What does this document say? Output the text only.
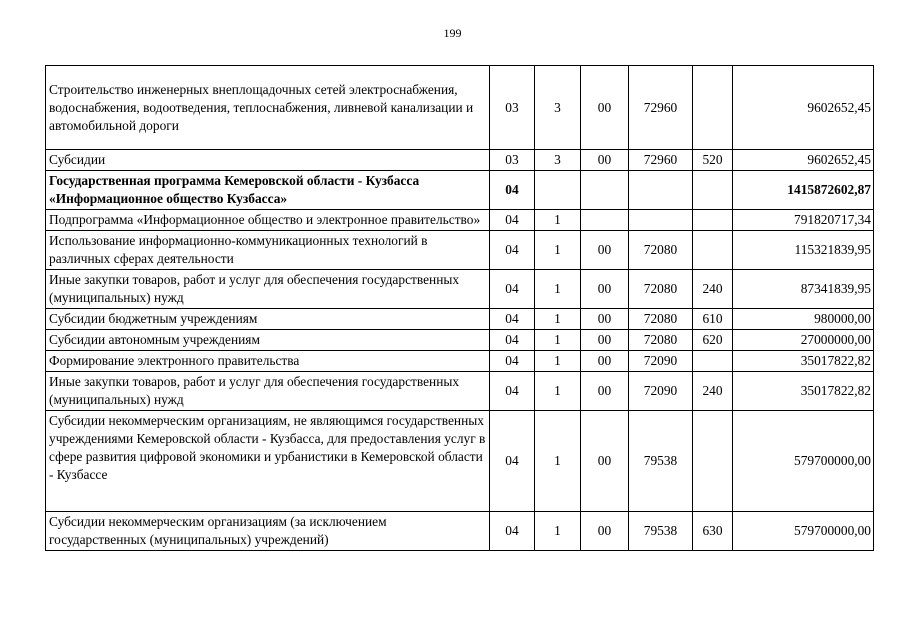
199
Строительство инженерных внеплощадочных сетей электроснабжения, водоснабжения, водоотведения, теплоснабжения, ливневой канализации и автомобильной дороги	03	3	00	72960		9602652,45
Субсидии	03	3	00	72960	520	9602652,45
Государственная программа Кемеровской области - Кузбасса «Информационное общество Кузбасса»	04					1415872602,87
Подпрограмма «Информационное общество и электронное правительство»	04	1				791820717,34
Использование информационно-коммуникационных технологий в различных сферах деятельности	04	1	00	72080		115321839,95
Иные закупки товаров, работ и услуг для обеспечения государственных (муниципальных) нужд	04	1	00	72080	240	87341839,95
Субсидии бюджетным учреждениям	04	1	00	72080	610	980000,00
Субсидии автономным учреждениям	04	1	00	72080	620	27000000,00
Формирование электронного правительства	04	1	00	72090		35017822,82
Иные закупки товаров, работ и услуг для обеспечения государственных (муниципальных) нужд	04	1	00	72090	240	35017822,82
Субсидии некоммерческим организациям, не являющимся государственных учреждениями Кемеровской области - Кузбасса, для предоставления услуг в сфере развития цифровой экономики и урбанистики в Кемеровской области - Кузбассе	04	1	00	79538		579700000,00
Субсидии некоммерческим организациям (за исключением государственных (муниципальных) учреждений)	04	1	00	79538	630	579700000,00
